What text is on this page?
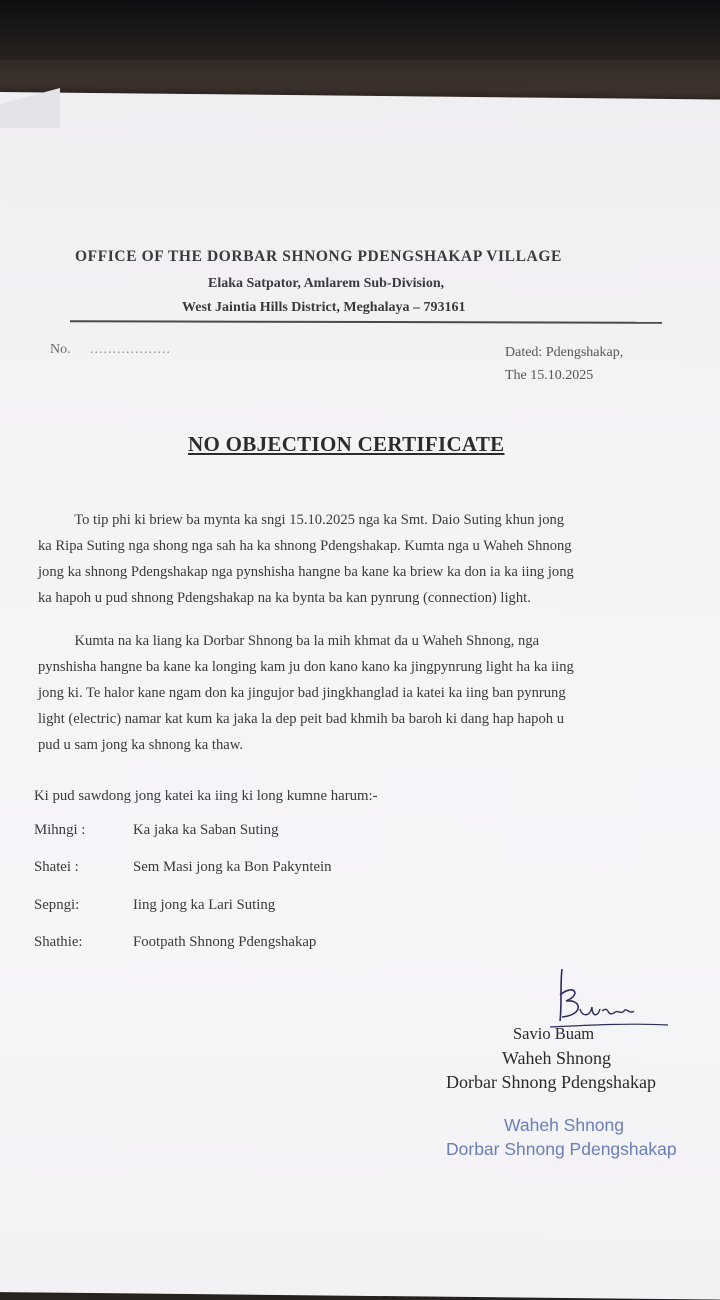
OFFICE OF THE DORBAR SHNONG PDENGSHAKAP VILLAGE
Elaka Satpator, Amlarem Sub-Division,
West Jaintia Hills District, Meghalaya – 793161
No. ..................	Dated: Pdengshakap,
The 15.10.2025
NO OBJECTION CERTIFICATE
To tip phi ki briew ba mynta ka sngi 15.10.2025 nga ka Smt. Daio Suting khun jong
ka Ripa Suting nga shong nga sah ha ka shnong Pdengshakap. Kumta nga u Waheh Shnong
jong ka shnong Pdengshakap nga pynshisha hangne ba kane ka briew ka don ia ka iing jong
ka hapoh u pud shnong Pdengshakap na ka bynta ba kan pynrung (connection) light.
Kumta na ka liang ka Dorbar Shnong ba la mih khmat da u Waheh Shnong, nga
pynshisha hangne ba kane ka longing kam ju don kano kano ka jingpynrung light ha ka iing
jong ki. Te halor kane ngam don ka jingujor bad jingkhanglad ia katei ka iing ban pynrung
light (electric) namar kat kum ka jaka la dep peit bad khmih ba baroh ki dang hap hapoh u
pud u sam jong ka shnong ka thaw.
Ki pud sawdong jong katei ka iing ki long kumne harum:-
Mihngi :	Ka jaka ka Saban Suting
Shatei :	Sem Masi jong ka Bon Pakyntein
Sepngi:	Iing jong ka Lari Suting
Shathie:	Footpath Shnong Pdengshakap
Savio Buam
Waheh Shnong
Dorbar Shnong Pdengshakap
Waheh Shnong
Dorbar Shnong Pdengshakap
